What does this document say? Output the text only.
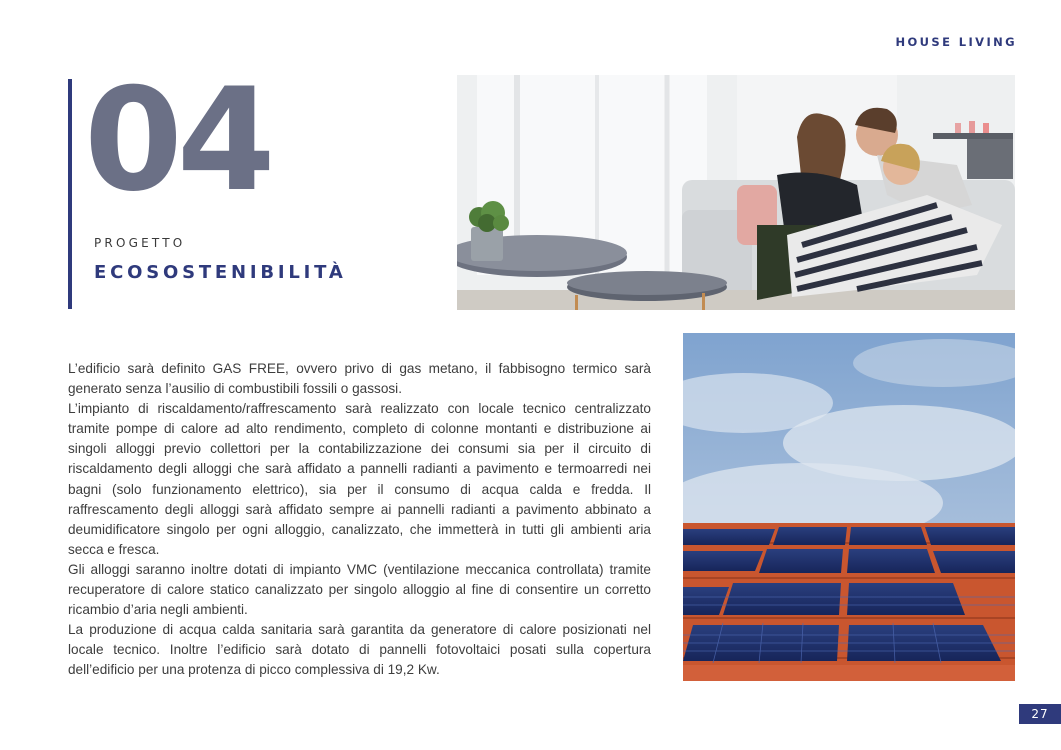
HOUSE LIVING
04
PROGETTO
ECOSOSTENIBILITÀ

L’edificio sarà definito GAS FREE, ovvero privo di gas metano, il fabbisogno termico sarà generato senza l’ausilio di combustibili fossili o gassosi.

L’impianto di riscaldamento/raffrescamento sarà realizzato con locale tecnico centralizzato tramite pompe di calore ad alto rendimento, completo di colonne montanti e distribuzione ai singoli alloggi previo collettori per la contabilizzazione dei consumi sia per il circuito di riscaldamento degli alloggi che sarà affidato a pannelli radianti a pavimento e termoarredi nei bagni (solo funzionamento elettrico), sia per il consumo di acqua calda e fredda. Il raffrescamento degli alloggi sarà affidato sempre ai pannelli radianti a pavimento abbinato a deumidificatore singolo per ogni alloggio, canalizzato, che immetterà in tutti gli ambienti aria secca e fresca.

Gli alloggi saranno inoltre dotati di impianto VMC (ventilazione meccanica controllata) tramite recuperatore di calore statico canalizzato per singolo alloggio al fine di consentire un corretto ricambio d’aria negli ambienti.

La produzione di acqua calda sanitaria sarà garantita da generatore di calore posizionati nel locale tecnico. Inoltre l’edificio sarà dotato di pannelli fotovoltaici posati sulla copertura dell’edificio per una protenza di picco complessiva di 19,2 Kw.

27
